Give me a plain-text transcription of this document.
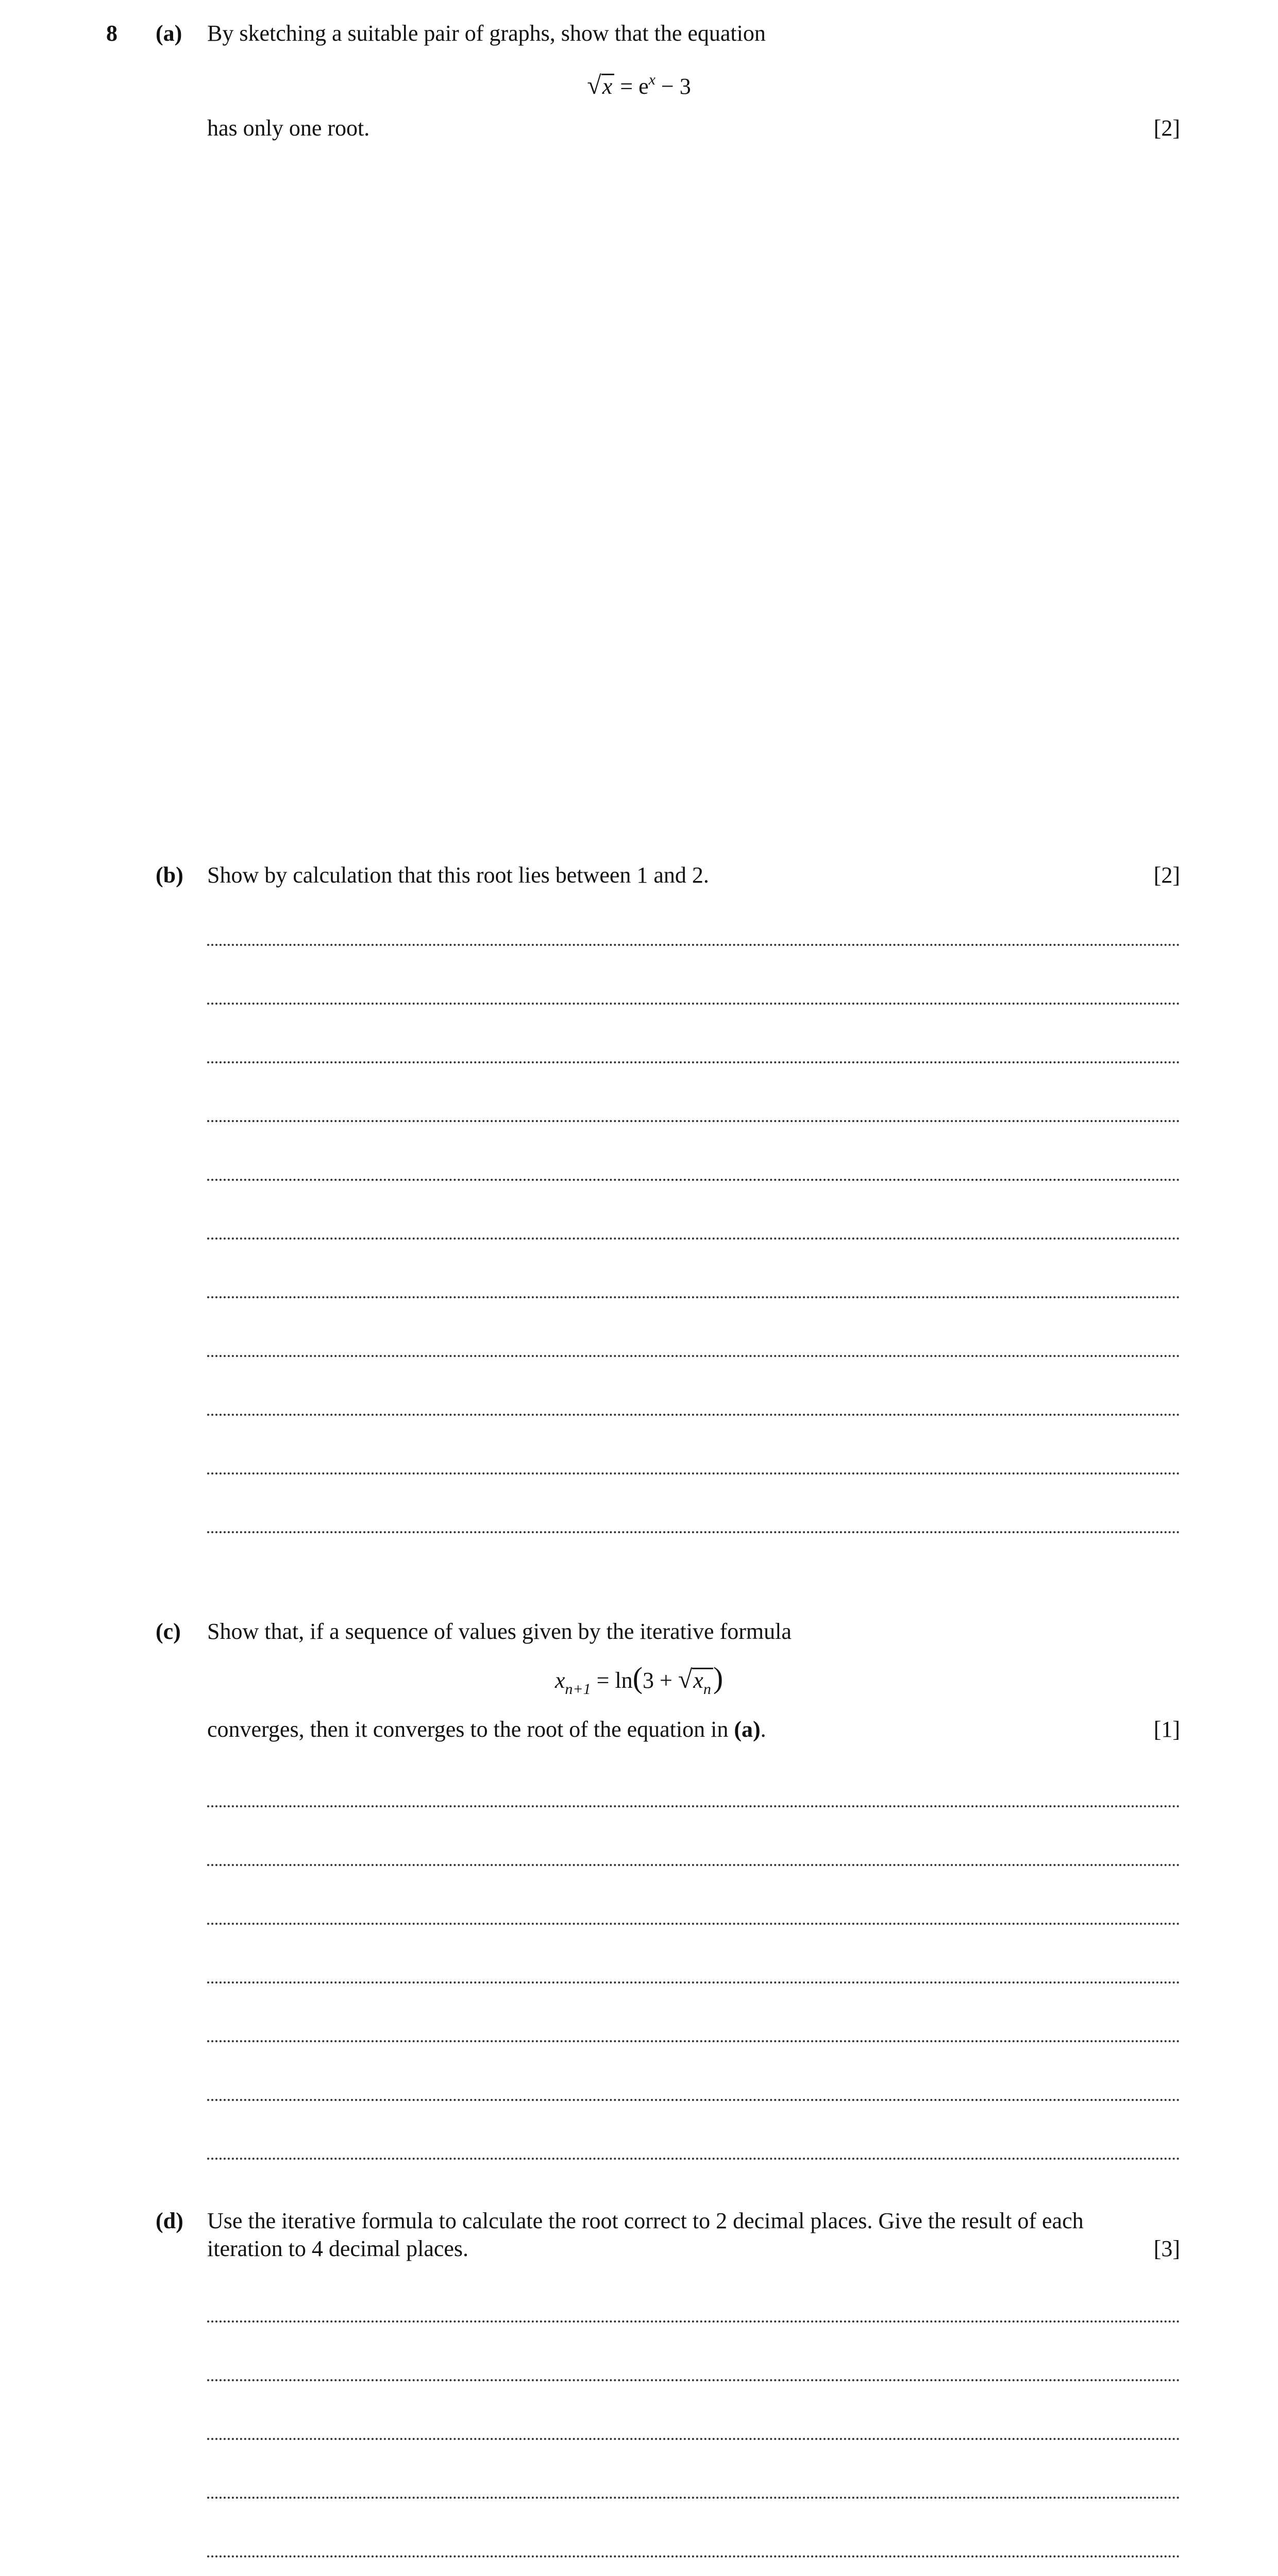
8 (a) By sketching a suitable pair of graphs, show that the equation
$√x = e^x - 3$
has only one root.	[2]
(b) Show by calculation that this root lies between 1 and 2.	[2]
(c) Show that, if a sequence of values given by the iterative formula
$x_{n+1} = \ln(3 + √x_n)$
converges, then it converges to the root of the equation in (a).	[1]
(d) Use the iterative formula to calculate the root correct to 2 decimal places. Give the result of each
iteration to 4 decimal places.	[3]
